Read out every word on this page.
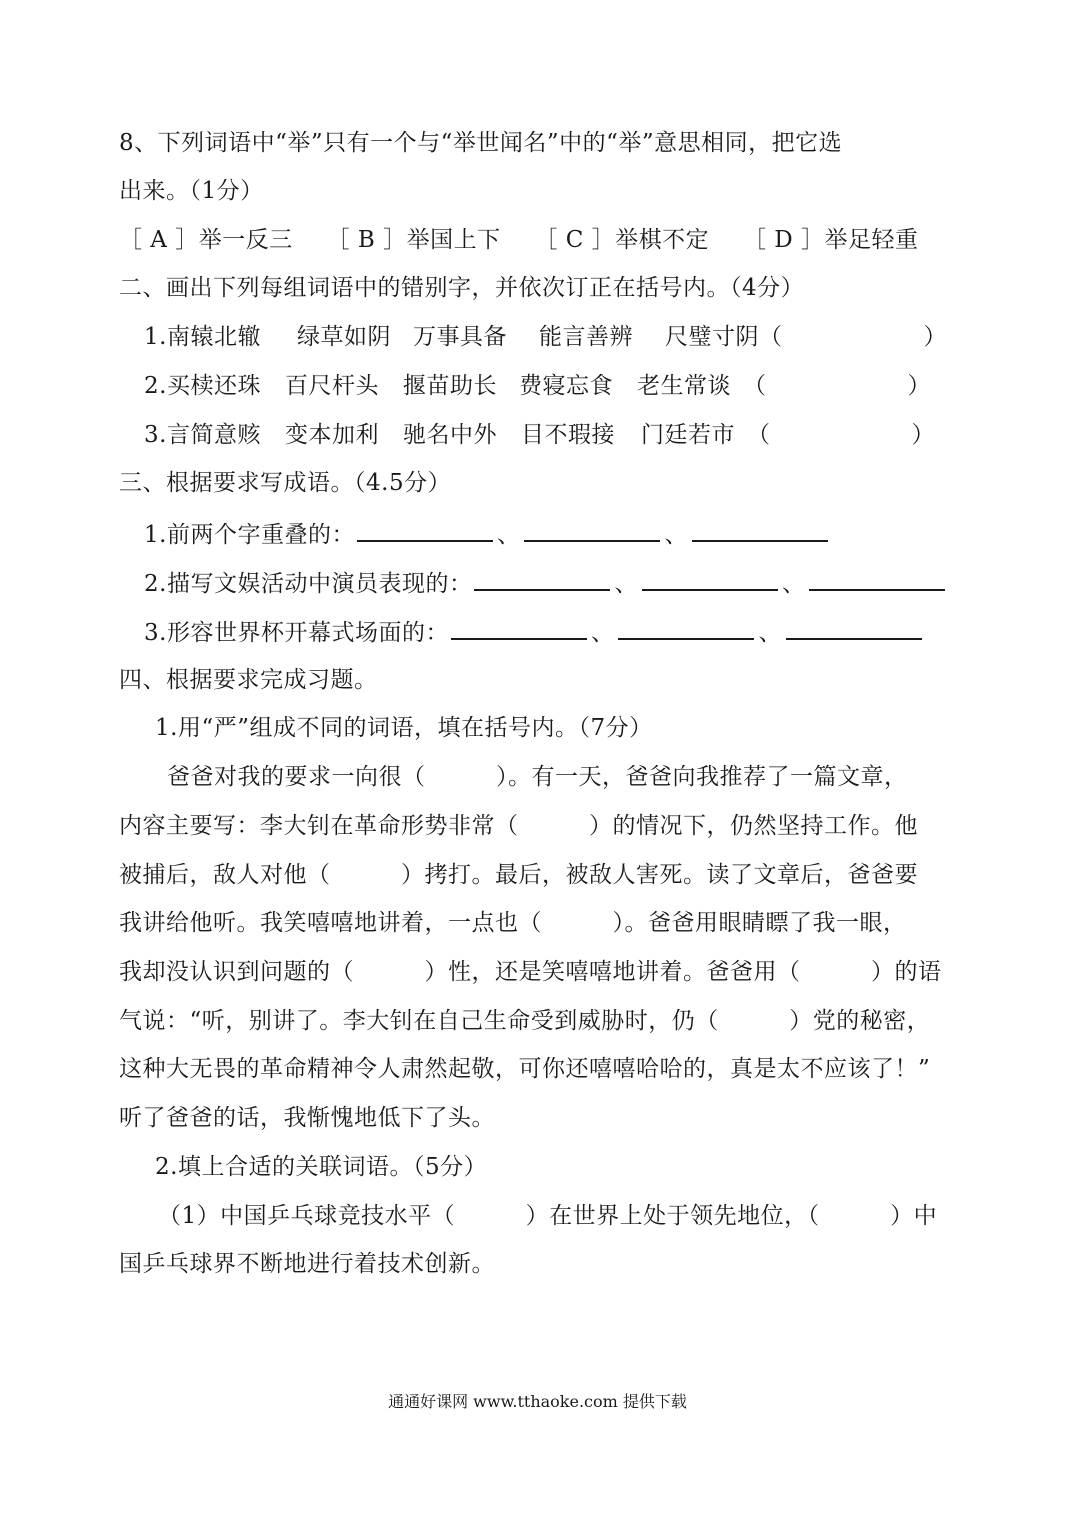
8、下列词语中“举”只有一个与“举世闻名”中的“举”意思相同，把它选
出来。（1分）
［ A ］举一反三 ［ B ］举国上下 ［ C ］举棋不定 ［ D ］举足轻重
二、画出下列每组词语中的错别字，并依次订正在括号内。（4分）
1.南辕北辙 绿草如阴 万事具备 能言善辨 尺璧寸阴（　　　　　　）
2.买椟还珠 百尺杆头 揠苗助长 费寝忘食 老生常谈 （　　　　　　）
3.言简意赅 变本加利 驰名中外 目不瑕接 门廷若市 （　　　　　　）
三、根据要求写成语。（4.5分）
1.前两个字重叠的：	、	、
2.描写文娱活动中演员表现的：	、	、
3.形容世界杯开幕式场面的：	、	、
四、根据要求完成习题。
1.用“严”组成不同的词语，填在括号内。（7分）
爸爸对我的要求一向很（　　　）。有一天，爸爸向我推荐了一篇文章，
内容主要写：李大钊在革命形势非常（　　　）的情况下，仍然坚持工作。他
被捕后，敌人对他（　　　）拷打。最后，被敌人害死。读了文章后，爸爸要
我讲给他听。我笑嘻嘻地讲着，一点也（　　　）。爸爸用眼睛瞟了我一眼，
我却没认识到问题的（　　　）性，还是笑嘻嘻地讲着。爸爸用（　　　）的语
气说：“听，别讲了。李大钊在自己生命受到威胁时，仍（　　　）党的秘密，
这种大无畏的革命精神令人肃然起敬，可你还嘻嘻哈哈的，真是太不应该了！”
听了爸爸的话，我惭愧地低下了头。
2.填上合适的关联词语。（5分）
（1）中国乒乓球竞技水平（　　　）在世界上处于领先地位，（　　　）中
国乒乓球界不断地进行着技术创新。
通通好课网 www.tthaoke.com 提供下载
